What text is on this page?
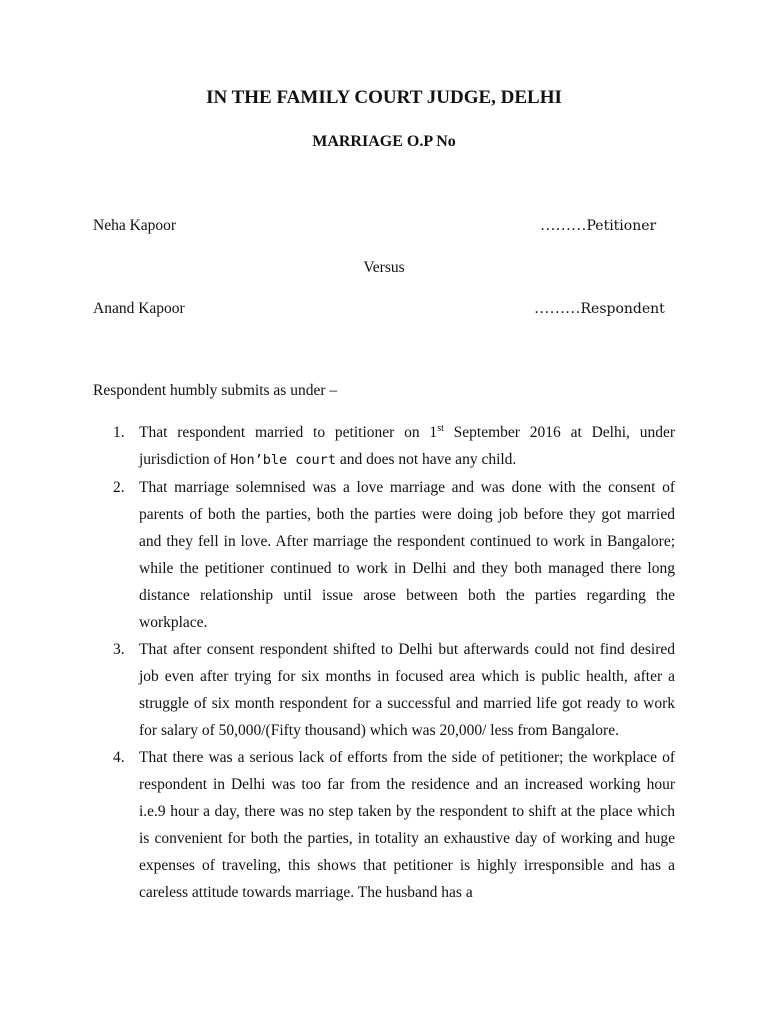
IN THE FAMILY COURT JUDGE, DELHI
MARRIAGE O.P No
Neha Kapoor	………Petitioner
Versus
Anand Kapoor	………Respondent
Respondent humbly submits as under –
1. That respondent married to petitioner on 1st September 2016 at Delhi, under jurisdiction of Hon’ble court and does not have any child.
2. That marriage solemnised was a love marriage and was done with the consent of parents of both the parties, both the parties were doing job before they got married and they fell in love. After marriage the respondent continued to work in Bangalore; while the petitioner continued to work in Delhi and they both managed there long distance relationship until issue arose between both the parties regarding the workplace.
3. That after consent respondent shifted to Delhi but afterwards could not find desired job even after trying for six months in focused area which is public health, after a struggle of six month respondent for a successful and married life got ready to work for salary of 50,000/(Fifty thousand) which was 20,000/ less from Bangalore.
4. That there was a serious lack of efforts from the side of petitioner; the workplace of respondent in Delhi was too far from the residence and an increased working hour i.e.9 hour a day, there was no step taken by the respondent to shift at the place which is convenient for both the parties, in totality an exhaustive day of working and huge expenses of traveling, this shows that petitioner is highly irresponsible and has a careless attitude towards marriage. The husband has a
